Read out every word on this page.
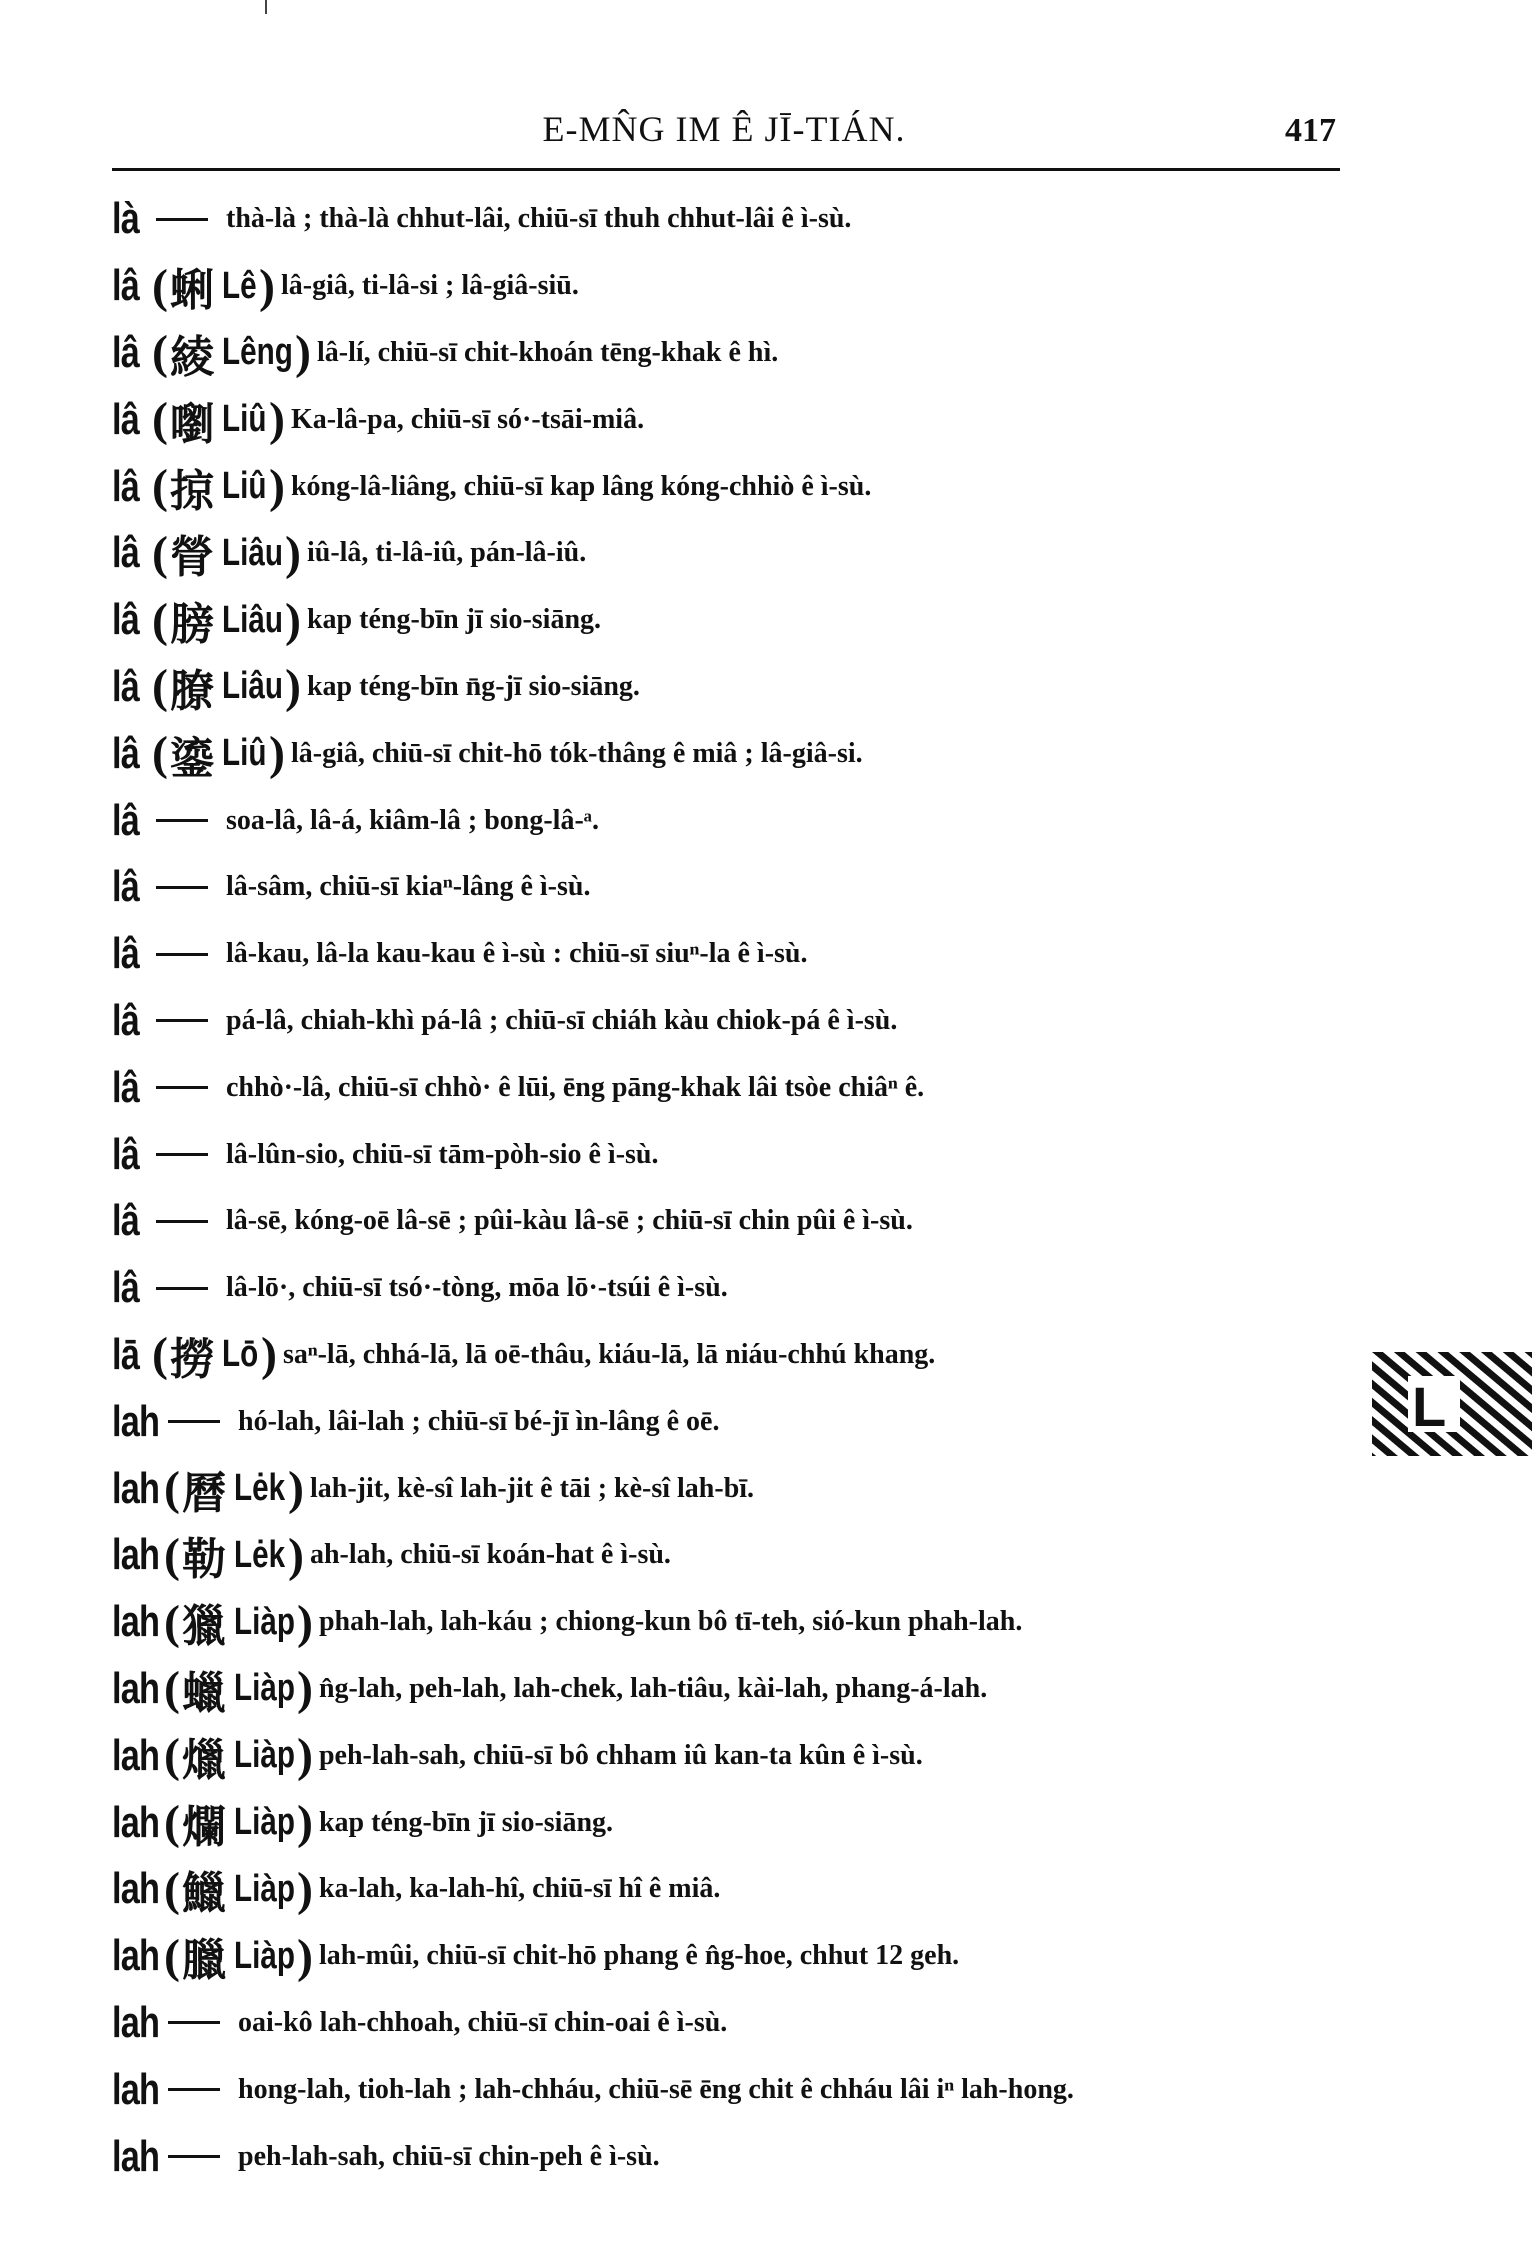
E-MN̂G IM Ê JĪ-TIÁN.	417
là	thà-là ; thà-là chhut-lâi, chiū-sī thuh chhut-lâi ê ì-sù.
lâ ( 蜊 Lê ) lâ-giâ, ti-lâ-si ; lâ-giâ-siū.
lâ ( 綾 Lêng ) lâ-lí, chiū-sī chit-khoán tēng-khak ê hì.
lâ ( 嚠 Liû ) Ka-lâ-pa, chiū-sī só·-tsāi-miâ.
lâ ( 掠 Liû ) kóng-lâ-liâng, chiū-sī kap lâng kóng-chhiò ê ì-sù.
lâ ( 膋 Liâu ) iû-lâ, ti-lâ-iû, pán-lâ-iû.
lâ ( 膀 Liâu ) kap téng-bīn jī sio-siāng.
lâ ( 膫 Liâu ) kap téng-bīn n̄g-jī sio-siāng.
lâ ( 鎏 Liû ) lâ-giâ, chiū-sī chit-hō tók-thâng ê miâ ; lâ-giâ-si.
lâ	soa-lâ, lâ-á, kiâm-lâ ; bong-lâ-ᵃ.
lâ	lâ-sâm, chiū-sī kiaⁿ-lâng ê ì-sù.
lâ	lâ-kau, lâ-la kau-kau ê ì-sù : chiū-sī siuⁿ-la ê ì-sù.
lâ	pá-lâ, chiah-khì pá-lâ ; chiū-sī chiáh kàu chiok-pá ê ì-sù.
lâ	chhò·-lâ, chiū-sī chhò· ê lūi, ēng pāng-khak lâi tsòe chiâⁿ ê.
lâ	lâ-lûn-sio, chiū-sī tām-pòh-sio ê ì-sù.
lâ	lâ-sē, kóng-oē lâ-sē ; pûi-kàu lâ-sē ; chiū-sī chin pûi ê ì-sù.
lâ	lâ-lō·, chiū-sī tsó·-tòng, mōa lō·-tsúi ê ì-sù.
lā ( 撈 Lō ) saⁿ-lā, chhá-lā, lā oē-thâu, kiáu-lā, lā niáu-chhú khang.
lah	hó-lah, lâi-lah ; chiū-sī bé-jī ìn-lâng ê oē.
lah ( 曆 Lėk ) lah-jit, kè-sî lah-jit ê tāi ; kè-sî lah-bī.
lah ( 勒 Lėk ) ah-lah, chiū-sī koán-hat ê ì-sù.
lah ( 獵 Liàp ) phah-lah, lah-káu ; chiong-kun bô tī-teh, sió-kun phah-lah.
lah ( 蠟 Liàp ) n̂g-lah, peh-lah, lah-chek, lah-tiâu, kài-lah, phang-á-lah.
lah ( 爉 Liàp ) peh-lah-sah, chiū-sī bô chham iû kan-ta kûn ê ì-sù.
lah ( 爛 Liàp ) kap téng-bīn jī sio-siāng.
lah ( 鱲 Liàp ) ka-lah, ka-lah-hî, chiū-sī hî ê miâ.
lah ( 臘 Liàp ) lah-mûi, chiū-sī chit-hō phang ê n̂g-hoe, chhut 12 geh.
lah	oai-kô lah-chhoah, chiū-sī chin-oai ê ì-sù.
lah	hong-lah, tioh-lah ; lah-chháu, chiū-sē ēng chit ê chháu lâi iⁿ lah-hong.
lah	peh-lah-sah, chiū-sī chin-peh ê ì-sù.
L
